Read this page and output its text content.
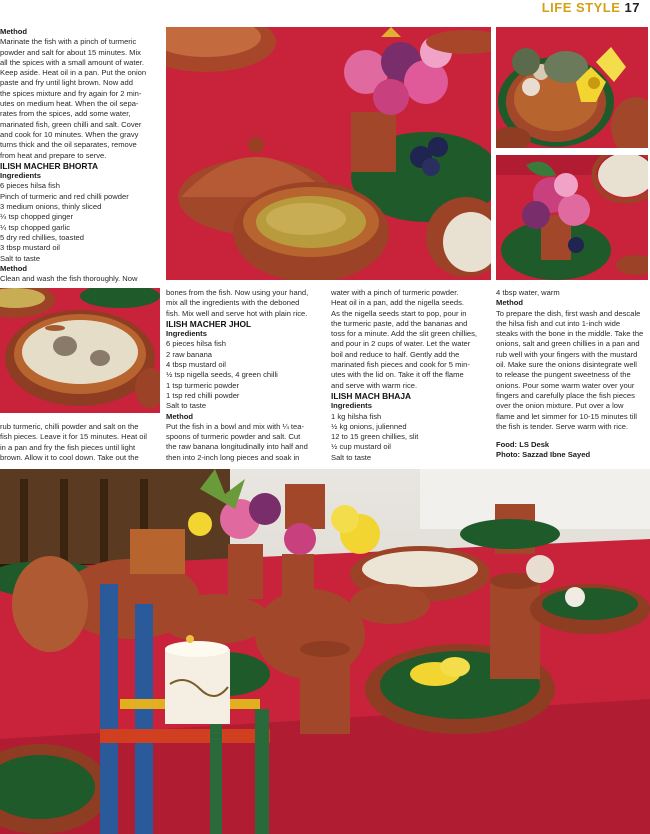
LIFE STYLE 17

Method

Marinate the fish with a pinch of turmeric

powder and salt for about 15 minutes. Mix

all the spices with a small amount of water.

Keep aside. Heat oil in a pan. Put the onion

paste and fry until light brown. Now add

the spices mixture and fry again for 2 min-

utes on medium heat. When the oil sepa-

rates from the spices, add some water,

marinated fish, green chilli and salt. Cover

and cook for 10 minutes. When the gravy

turns thick and the oil separates, remove

from heat and prepare to serve.

ILISH MACHER BHORTA

Ingredients

6 pieces hilsa fish

Pinch of turmeric and red chilli powder

3 medium onions, thinly sliced

¼ tsp chopped ginger

¼ tsp chopped garlic

5 dry red chillies, toasted

3 tbsp mustard oil

Salt to taste

Method

Clean and wash the fish thoroughly. Now

rub turmeric, chilli powder and salt on the

fish pieces. Leave it for 15 minutes. Heat oil

in a pan and fry the fish pieces until light

brown. Allow it to cool down. Take out the

bones from the fish. Now using your hand,

mix all the ingredients with the deboned

fish. Mix well and serve hot with plain rice.

ILISH MACHER JHOL

Ingredients

6 pieces hilsa fish

2 raw banana

4 tbsp mustard oil

½ tsp nigella seeds, 4 green chilli

1 tsp turmeric powder

1 tsp red chilli powder

Salt to taste

Method

Put the fish in a bowl and mix with ¼ tea-

spoons of turmeric powder and salt. Cut

the raw banana longitudinally into half and

then into 2-inch long pieces and soak in

water with a pinch of turmeric powder.

Heat oil in a pan, add the nigella seeds.

As the nigella seeds start to pop, pour in

the turmeric paste, add the bananas and

toss for a minute. Add the slit green chillies,

and pour in 2 cups of water. Let the water

boil and reduce to half. Gently add the

marinated fish pieces and cook for 5 min-

utes with the lid on. Take it off the flame

and serve with warm rice.

ILISH MACH BHAJA

Ingredients

1 kg hilsha fish

½ kg onions, julienned

12 to 15 green chillies, slit

½ cup mustard oil

Salt to taste

4 tbsp water, warm

Method

To prepare the dish, first wash and descale

the hilsa fish and cut into 1-inch wide

steaks with the bone in the middle. Take the

onions, salt and green chillies in a pan and

rub well with your fingers with the mustard

oil. Make sure the onions disintegrate well

to release the pungent sweetness of the

onions. Pour some warm water over your

fingers and carefully place the fish pieces

over the onion mixture. Put over a low

flame and let simmer for 10-15 minutes till

the fish is tender. Serve warm with rice.

Food: LS Desk

Photo: Sazzad Ibne Sayed
